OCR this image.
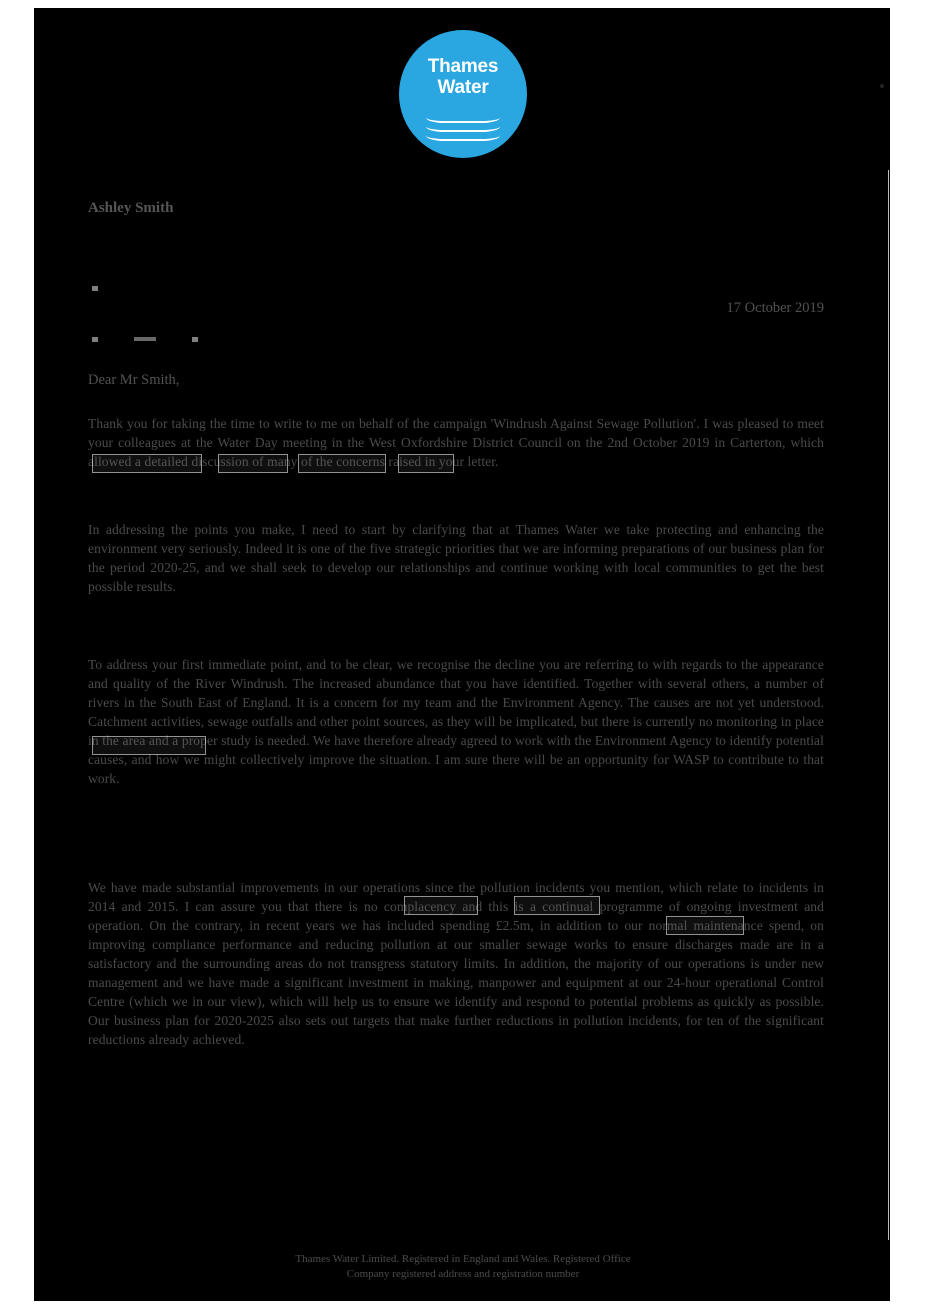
Thames
Water
Ashley Smith
17 October 2019
Dear Mr Smith,
Thank you for taking the time to write to me on behalf of the campaign 'Windrush Against Sewage Pollution'. I was pleased to meet your colleagues at the Water Day meeting in the West Oxfordshire District Council on the 2nd October 2019 in Carterton, which allowed a detailed discussion of many of the concerns raised in your letter.
In addressing the points you make, I need to start by clarifying that at Thames Water we take protecting and enhancing the environment very seriously. Indeed it is one of the five strategic priorities that we are informing preparations of our business plan for the period 2020-25, and we shall seek to develop our relationships and continue working with local communities to get the best possible results.
To address your first immediate point, and to be clear, we recognise the decline you are referring to with regards to the appearance and quality of the River Windrush. The increased abundance that you have identified. Together with several others, a number of rivers in the South East of England. It is a concern for my team and the Environment Agency. The causes are not yet understood. Catchment activities, sewage outfalls and other point sources, as they will be implicated, but there is currently no monitoring in place in the area and a proper study is needed. We have therefore already agreed to work with the Environment Agency to identify potential causes, and how we might collectively improve the situation. I am sure there will be an opportunity for WASP to contribute to that work.
We have made substantial improvements in our operations since the pollution incidents you mention, which relate to incidents in 2014 and 2015. I can assure you that there is no complacency and this is a continual programme of ongoing investment and operation. On the contrary, in recent years we has included spending £2.5m, in addition to our normal maintenance spend, on improving compliance performance and reducing pollution at our smaller sewage works to ensure discharges made are in a satisfactory and the surrounding areas do not transgress statutory limits. In addition, the majority of our operations is under new management and we have made a significant investment in making, manpower and equipment at our 24-hour operational Control Centre (which we in our view), which will help us to ensure we identify and respond to potential problems as quickly as possible. Our business plan for 2020-2025 also sets out targets that make further reductions in pollution incidents, for ten of the significant reductions already achieved.
Thames Water Limited. Registered in England and Wales. Registered Office
Company registered address and registration number
